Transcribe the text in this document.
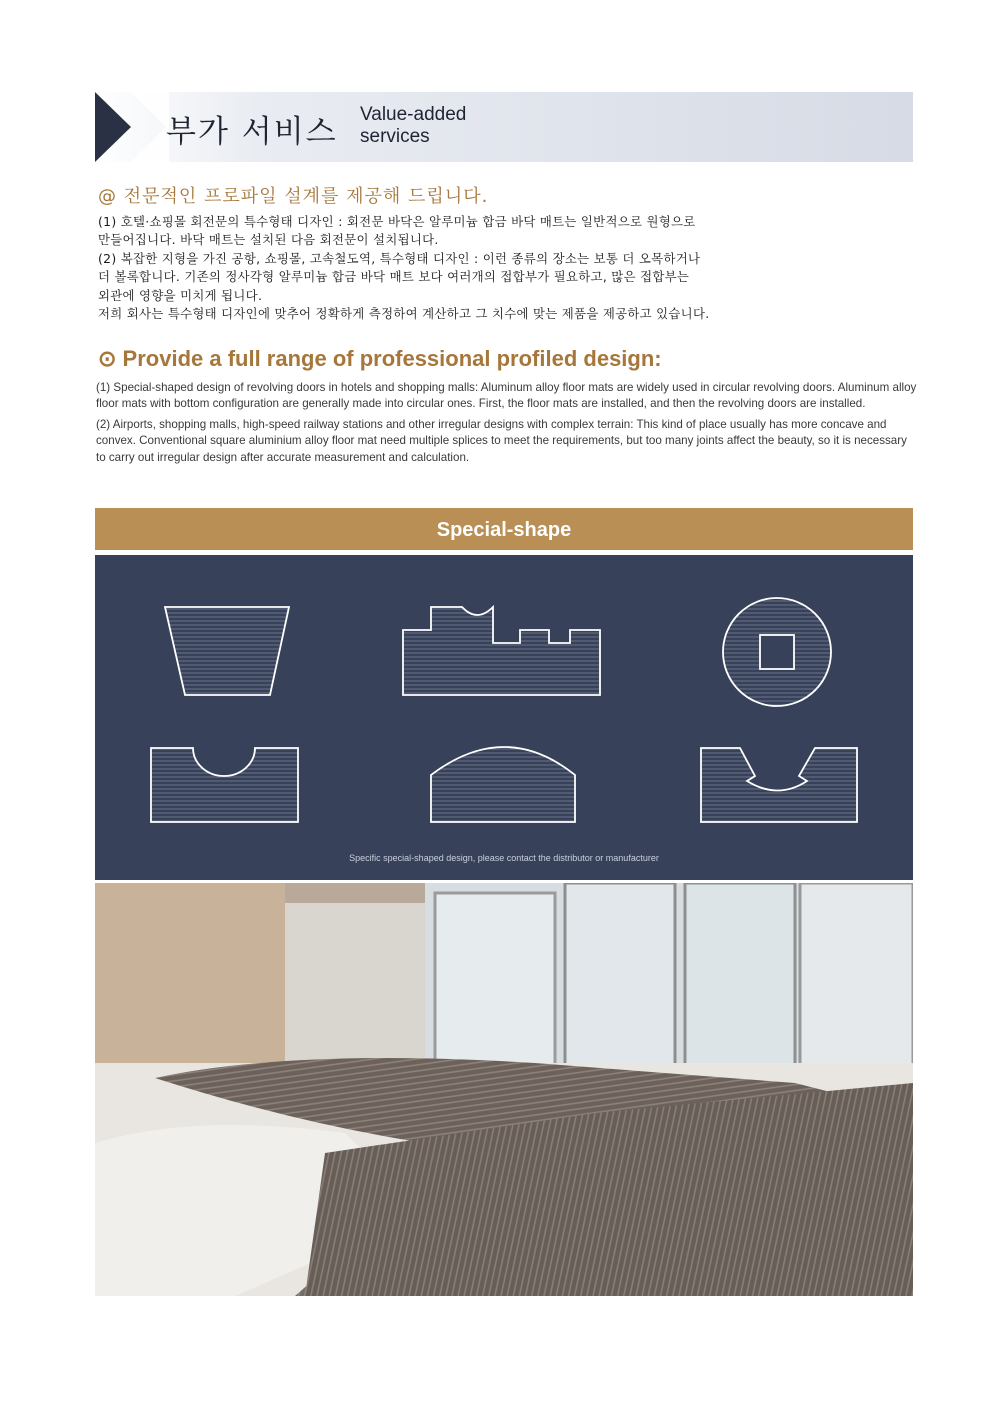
부가 서비스 Value-added
services
@ 전문적인 프로파일 설계를 제공해 드립니다.

(1) 호텔·쇼핑몰 회전문의 특수형태 디자인 : 회전문 바닥은 알루미늄 합금 바닥 매트는 일반적으로 원형으로

만들어집니다. 바닥 매트는 설치된 다음 회전문이 설치됩니다.

(2) 복잡한 지형을 가진 공항, 쇼핑몰, 고속철도역, 특수형태 디자인 : 이런 종류의 장소는 보통 더 오목하거나

더 볼록합니다. 기존의 정사각형 알루미늄 합금 바닥 매트 보다 여러개의 접합부가 필요하고, 많은 접합부는

외관에 영향을 미치게 됩니다.

저희 회사는 특수형태 디자인에 맞추어 정확하게 측정하여 계산하고 그 치수에 맞는 제품을 제공하고 있습니다.

⊙ Provide a full range of professional profiled design:

(1) Special-shaped design of revolving doors in hotels and shopping malls: Aluminum alloy floor mats are widely used in circular revolving doors. Aluminum alloy floor mats with bottom configuration are generally made into circular ones. First, the floor mats are installed, and then the revolving doors are installed.

(2) Airports, shopping malls, high-speed railway stations and other irregular designs with complex terrain: This kind of place usually has more concave and convex. Conventional square aluminium alloy floor mat need multiple splices to meet the requirements, but too many joints affect the beauty, so it is necessary to carry out irregular design after accurate measurement and calculation.

Special-shape
Specific special-shaped design, please contact the distributor or manufacturer
